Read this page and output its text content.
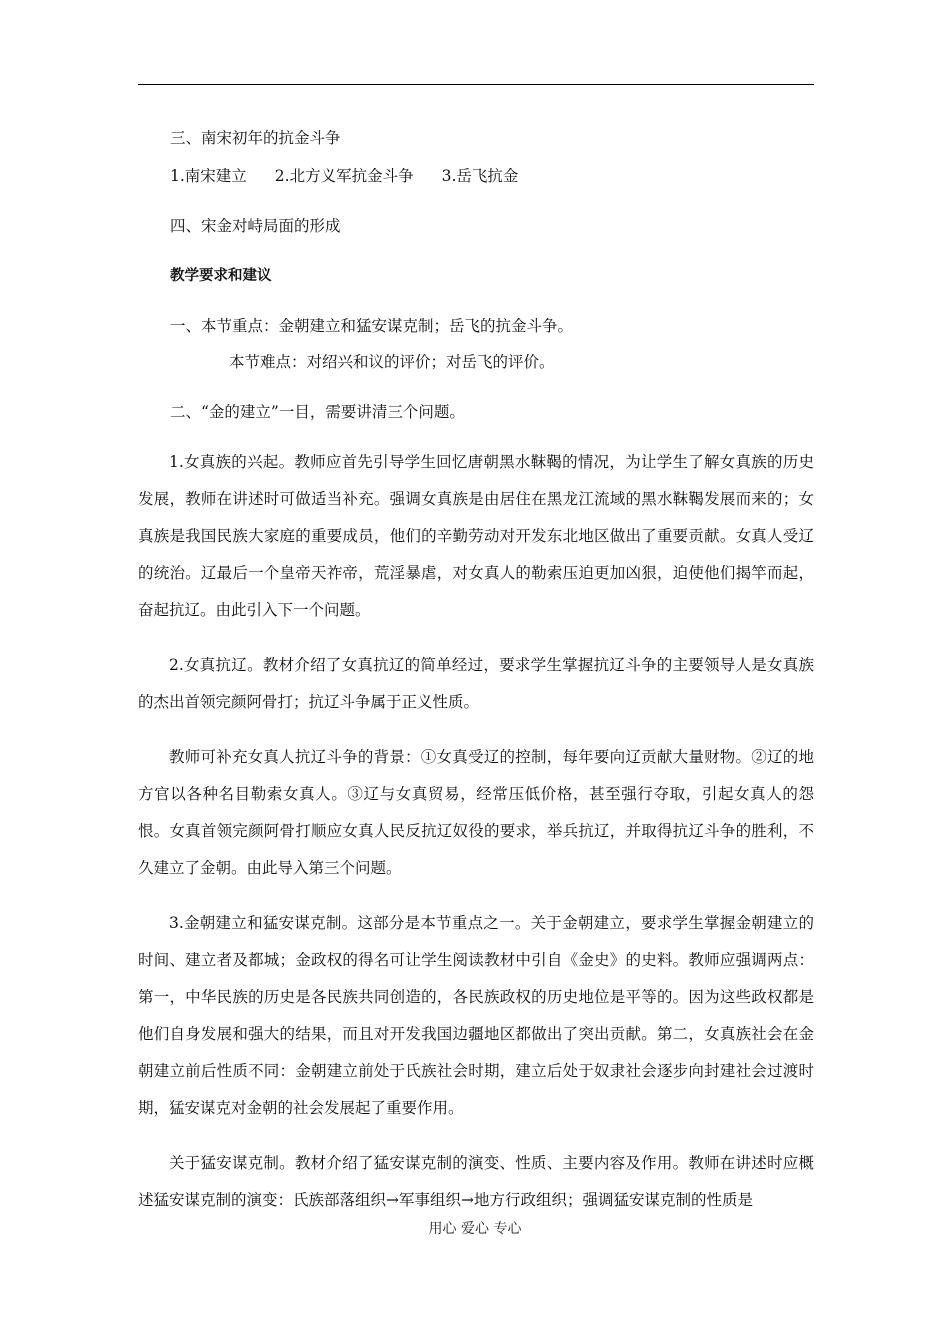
三、南宋初年的抗金斗争
1.南宋建立 2.北方义军抗金斗争 3.岳飞抗金
四、宋金对峙局面的形成
教学要求和建议
一、本节重点：金朝建立和猛安谋克制；岳飞的抗金斗争。
本节难点：对绍兴和议的评价；对岳飞的评价。
二、“金的建立”一目，需要讲清三个问题。

1.女真族的兴起。教师应首先引导学生回忆唐朝黑水靺鞨的情况，为让学生了解女真族的历史发展，教师在讲述时可做适当补充。强调女真族是由居住在黑龙江流域的黑水靺鞨发展而来的；女真族是我国民族大家庭的重要成员，他们的辛勤劳动对开发东北地区做出了重要贡献。女真人受辽的统治。辽最后一个皇帝天祚帝，荒淫暴虐，对女真人的勒索压迫更加凶狠，迫使他们揭竿而起，奋起抗辽。由此引入下一个问题。

2.女真抗辽。教材介绍了女真抗辽的简单经过，要求学生掌握抗辽斗争的主要领导人是女真族的杰出首领完颜阿骨打；抗辽斗争属于正义性质。

教师可补充女真人抗辽斗争的背景：①女真受辽的控制，每年要向辽贡献大量财物。②辽的地方官以各种名目勒索女真人。③辽与女真贸易，经常压低价格，甚至强行夺取，引起女真人的怨恨。女真首领完颜阿骨打顺应女真人民反抗辽奴役的要求，举兵抗辽，并取得抗辽斗争的胜利，不久建立了金朝。由此导入第三个问题。

3.金朝建立和猛安谋克制。这部分是本节重点之一。关于金朝建立，要求学生掌握金朝建立的时间、建立者及都城；金政权的得名可让学生阅读教材中引自《金史》的史料。教师应强调两点：第一，中华民族的历史是各民族共同创造的，各民族政权的历史地位是平等的。因为这些政权都是他们自身发展和强大的结果，而且对开发我国边疆地区都做出了突出贡献。第二，女真族社会在金朝建立前后性质不同：金朝建立前处于氏族社会时期，建立后处于奴隶社会逐步向封建社会过渡时期，猛安谋克对金朝的社会发展起了重要作用。

关于猛安谋克制。教材介绍了猛安谋克制的演变、性质、主要内容及作用。教师在讲述时应概述猛安谋克制的演变：氏族部落组织→军事组织→地方行政组织；强调猛安谋克制的性质是

用心 爱心 专心
